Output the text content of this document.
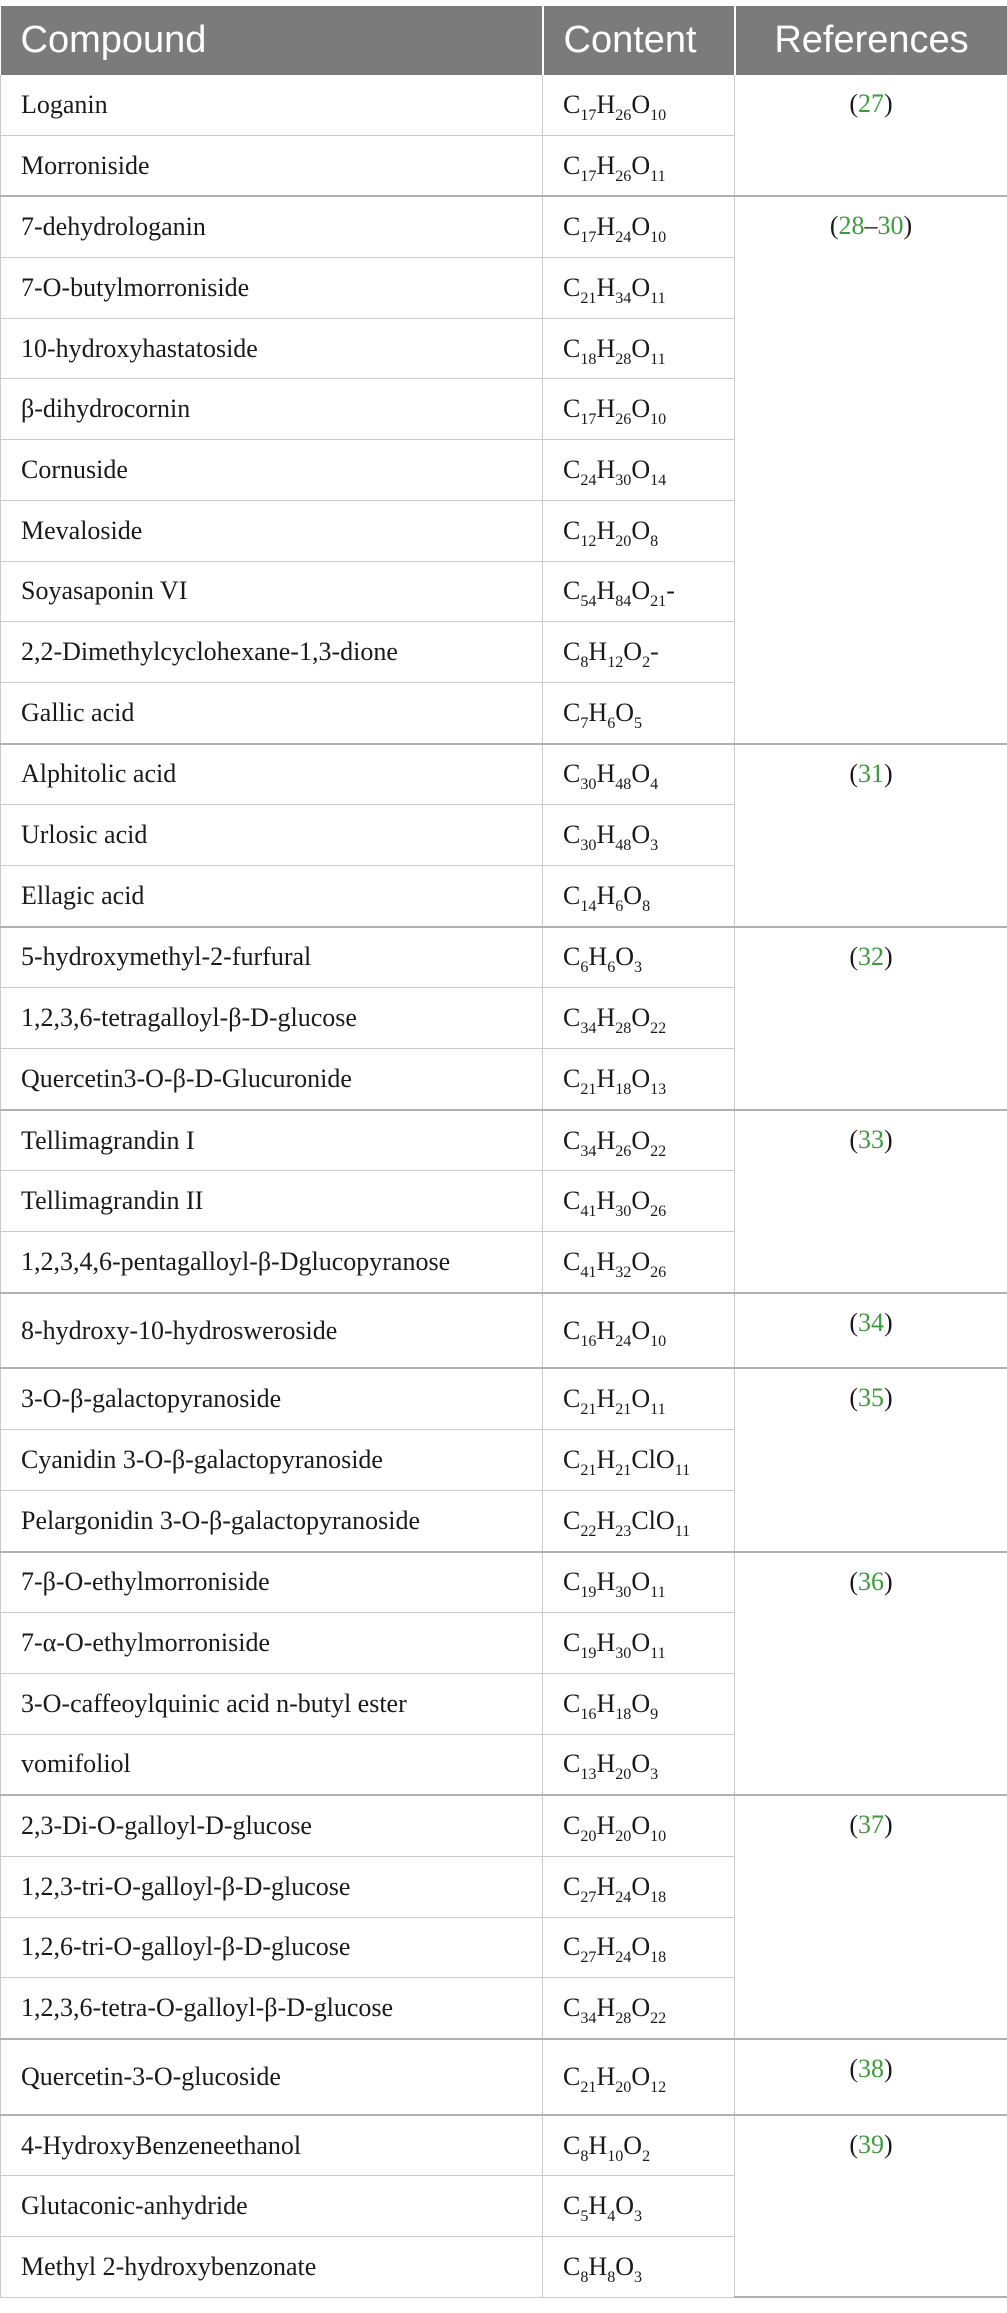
Compound	Content	References
Loganin	$C_{17}H_{26}O_{10}$	(27)
Morroniside	$C_{17}H_{26}O_{11}$
7-dehydrologanin	$C_{17}H_{24}O_{10}$	(28–30)
7-O-butylmorroniside	$C_{21}H_{34}O_{11}$
10-hydroxyhastatoside	$C_{18}H_{28}O_{11}$
β-dihydrocornin	$C_{17}H_{26}O_{10}$
Cornuside	$C_{24}H_{30}O_{14}$
Mevaloside	$C_{12}H_{20}O_8$
Soyasaponin VI	$C_{54}H_{84}O_{21}-$	
2,2-Dimethylcyclohexane-1,3-dione	$C_8H_{12}O_2-$	
Gallic acid	$C_7H_6O_5$
Alphitolic acid	$C_{30}H_{48}O_4$	(31)
Urlosic acid	$C_{30}H_{48}O_3$
Ellagic acid	$C_{14}H_6O_8$
5-hydroxymethyl-2-furfural	$C_6H_6O_3$	(32)
1,2,3,6-tetragalloyl-β-D-glucose	$C_{34}H_{28}O_{22}$
Quercetin3-O-β-D-Glucuronide	$C_{21}H_{18}O_{13}$
Tellimagrandin I	$C_{34}H_{26}O_{22}$	(33)
Tellimagrandin II	$C_{41}H_{30}O_{26}$
1,2,3,4,6-pentagalloyl-β-Dglucopyranose	$C_{41}H_{32}O_{26}$
8-hydroxy-10-hydrosweroside	$C_{16}H_{24}O_{10}$	(34)
3-O-β-galactopyranoside	$C_{21}H_{21}O_{11}$	(35)
Cyanidin 3-O-β-galactopyranoside	$C_{21}H_{21}ClO_{11}$
Pelargonidin 3-O-β-galactopyranoside	$C_{22}H_{23}ClO_{11}$
7-β-O-ethylmorroniside	$C_{19}H_{30}O_{11}$	(36)
7-α-O-ethylmorroniside	$C_{19}H_{30}O_{11}$
3-O-caffeoylquinic acid n-butyl ester	$C_{16}H_{18}O_9$
vomifoliol	$C_{13}H_{20}O_3$
2,3-Di-O-galloyl-D-glucose	$C_{20}H_{20}O_{10}$	(37)
1,2,3-tri-O-galloyl-β-D-glucose	$C_{27}H_{24}O_{18}$
1,2,6-tri-O-galloyl-β-D-glucose	$C_{27}H_{24}O_{18}$
1,2,3,6-tetra-O-galloyl-β-D-glucose	$C_{34}H_{28}O_{22}$
Quercetin-3-O-glucoside	$C_{21}H_{20}O_{12}$	(38)
4-HydroxyBenzeneethanol	$C_8H_{10}O_2$	(39)
Glutaconic-anhydride	$C_5H_4O_3$
Methyl 2-hydroxybenzonate	$C_8H_8O_3$
